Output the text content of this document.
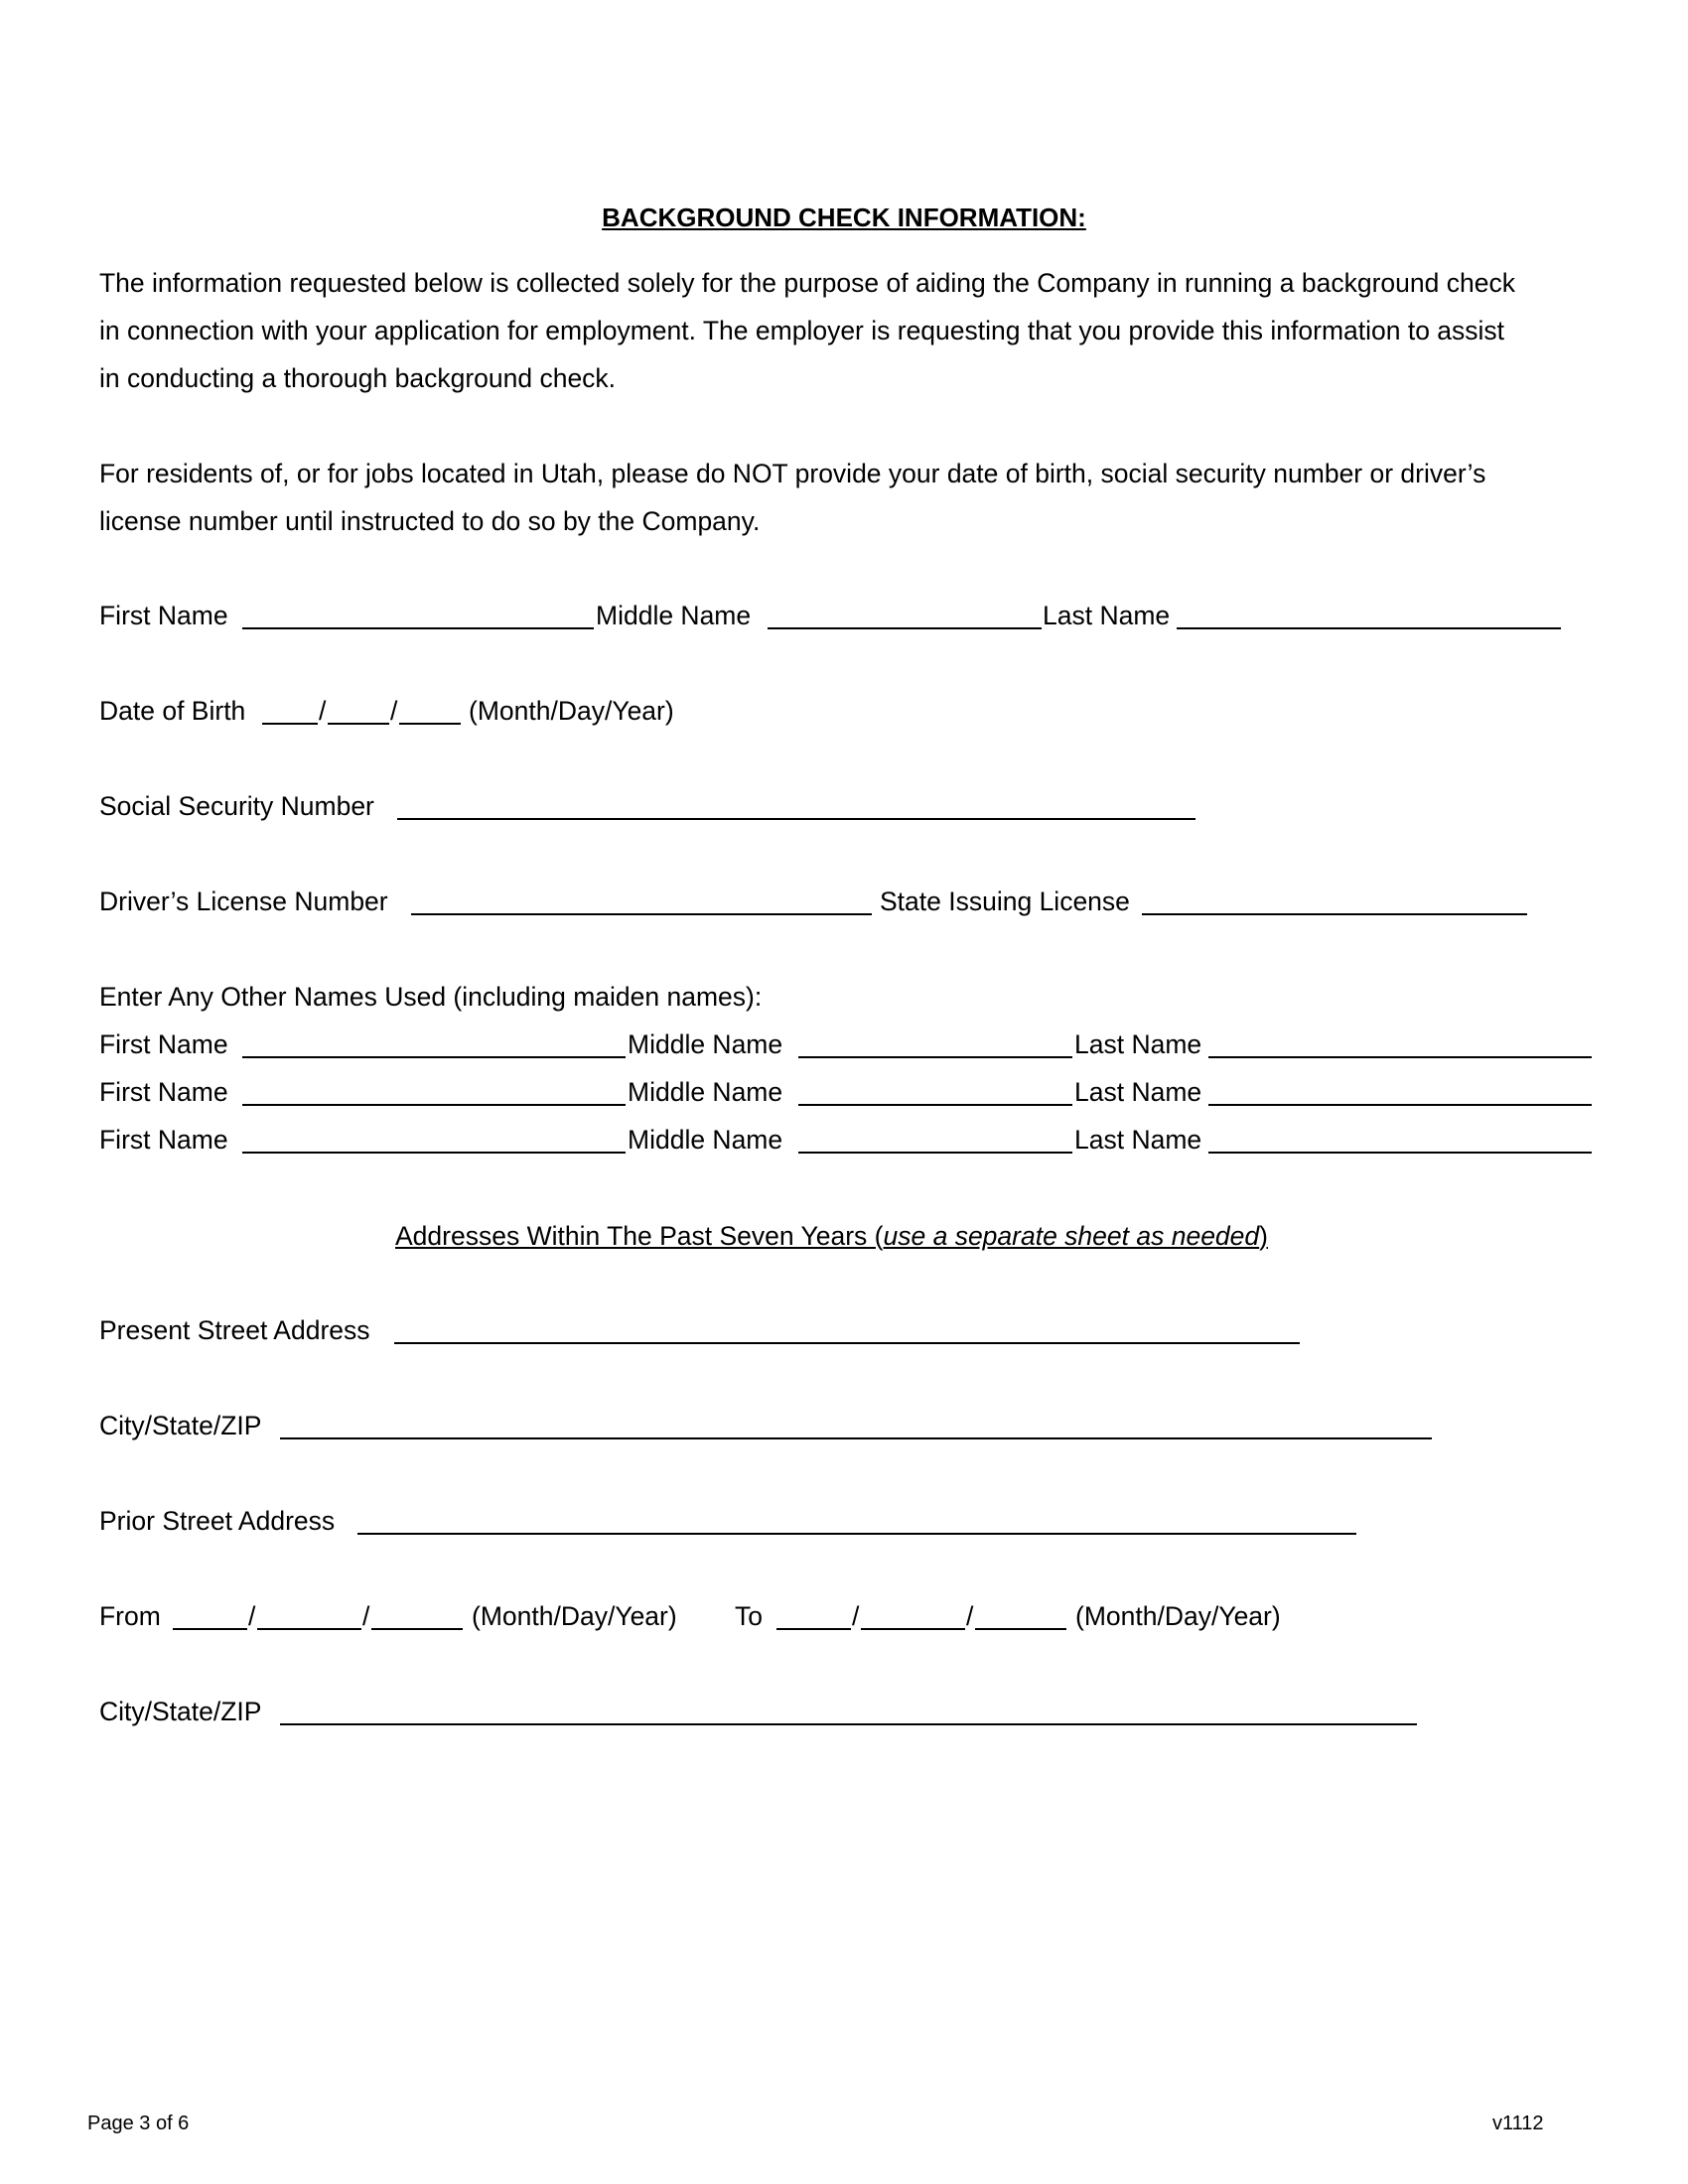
BACKGROUND CHECK INFORMATION:
The information requested below is collected solely for the purpose of aiding the Company in running a background check
in connection with your application for employment. The employer is requesting that you provide this information to assist
in conducting a thorough background check.
For residents of, or for jobs located in Utah, please do NOT provide your date of birth, social security number or driver’s
license number until instructed to do so by the Company.
First Name	Middle Name	Last Name
Date of Birth	/ /	(Month/Day/Year)
Social Security Number
Driver’s License Number	State Issuing License
Enter Any Other Names Used (including maiden names):
First Name	Middle Name	Last Name
First Name	Middle Name	Last Name
First Name	Middle Name	Last Name
Addresses Within The Past Seven Years (use a separate sheet as needed)
Present Street Address
City/State/ZIP
Prior Street Address
From	/	/	(Month/Day/Year) To	/	/	(Month/Day/Year)
City/State/ZIP
Page 3 of 6	v1112
